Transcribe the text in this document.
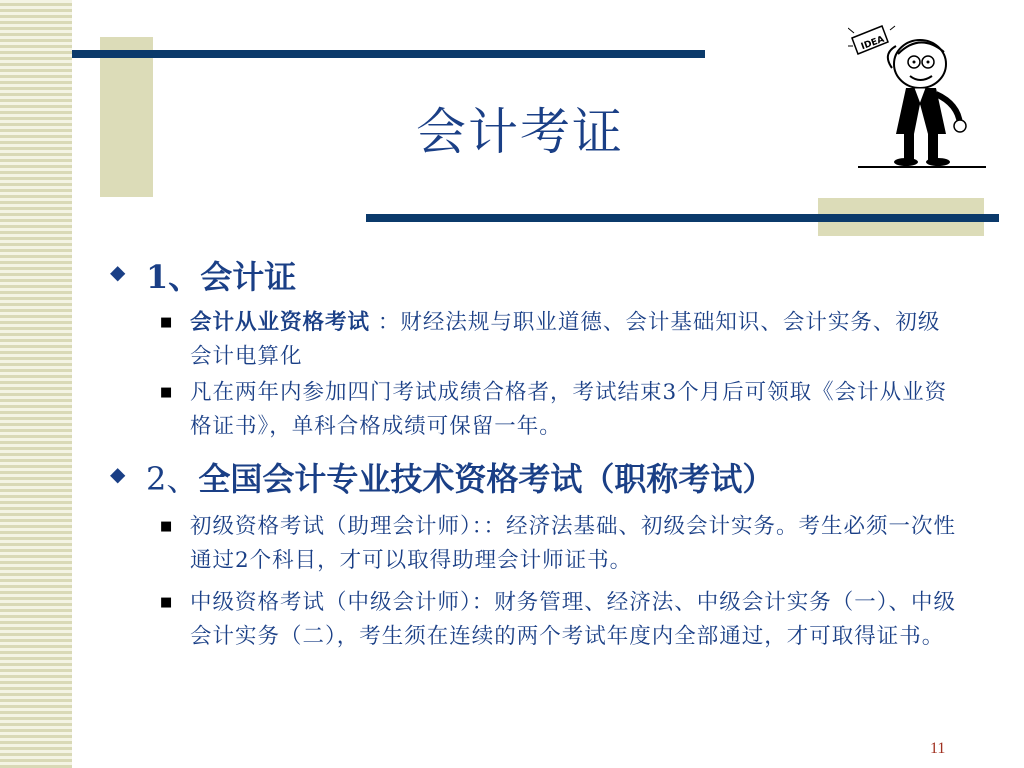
会计考证
IDEA
◆ 1、会计证
■ 会计从业资格考试 ：财经法规与职业道德、会计基础知识、会计实务、初级会计电算化
■ 凡在两年内参加四门考试成绩合格者，考试结束3个月后可领取《会计从业资格证书》，单科合格成绩可保留一年。
◆ 2、全国会计专业技术资格考试（职称考试）
■ 初级资格考试（助理会计师）：：经济法基础、初级会计实务。考生必须一次性通过2个科目，才可以取得助理会计师证书。
■ 中级资格考试（中级会计师）：财务管理、经济法、中级会计实务（一）、中级会计实务（二），考生须在连续的两个考试年度内全部通过，才可取得证书。
11
